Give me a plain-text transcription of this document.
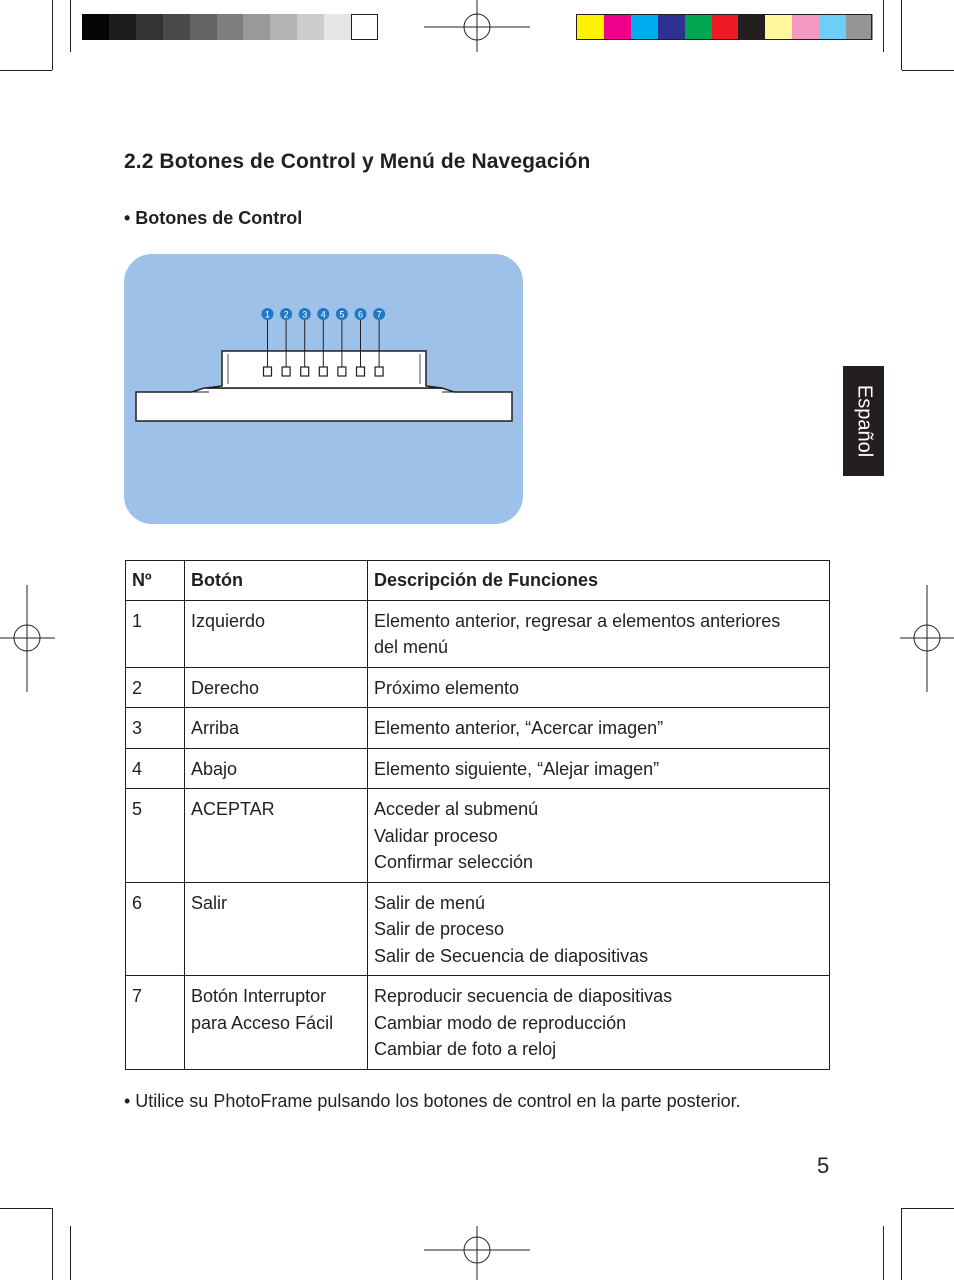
2.2 Botones de Control y Menú de Navegación
• Botones de Control
Español
1 2 3 4 5 6 7
Nº	Botón	Descripción de Funciones
1	Izquierdo	Elemento anterior, regresar a elementos anteriores
del menú

2	Derecho	Próximo elemento

3	Arriba	Elemento anterior, “Acercar imagen”

4	Abajo	Elemento siguiente, “Alejar imagen”

5	ACEPTAR	Acceder al submenú
Validar proceso
Confirmar selección

6	Salir	Salir de menú
Salir de proceso
Salir de Secuencia de diapositivas

7	Botón Interruptor
para Acceso Fácil	Reproducir secuencia de diapositivas
Cambiar modo de reproducción
Cambiar de foto a reloj
• Utilice su PhotoFrame pulsando los botones de control en la parte posterior.
5
